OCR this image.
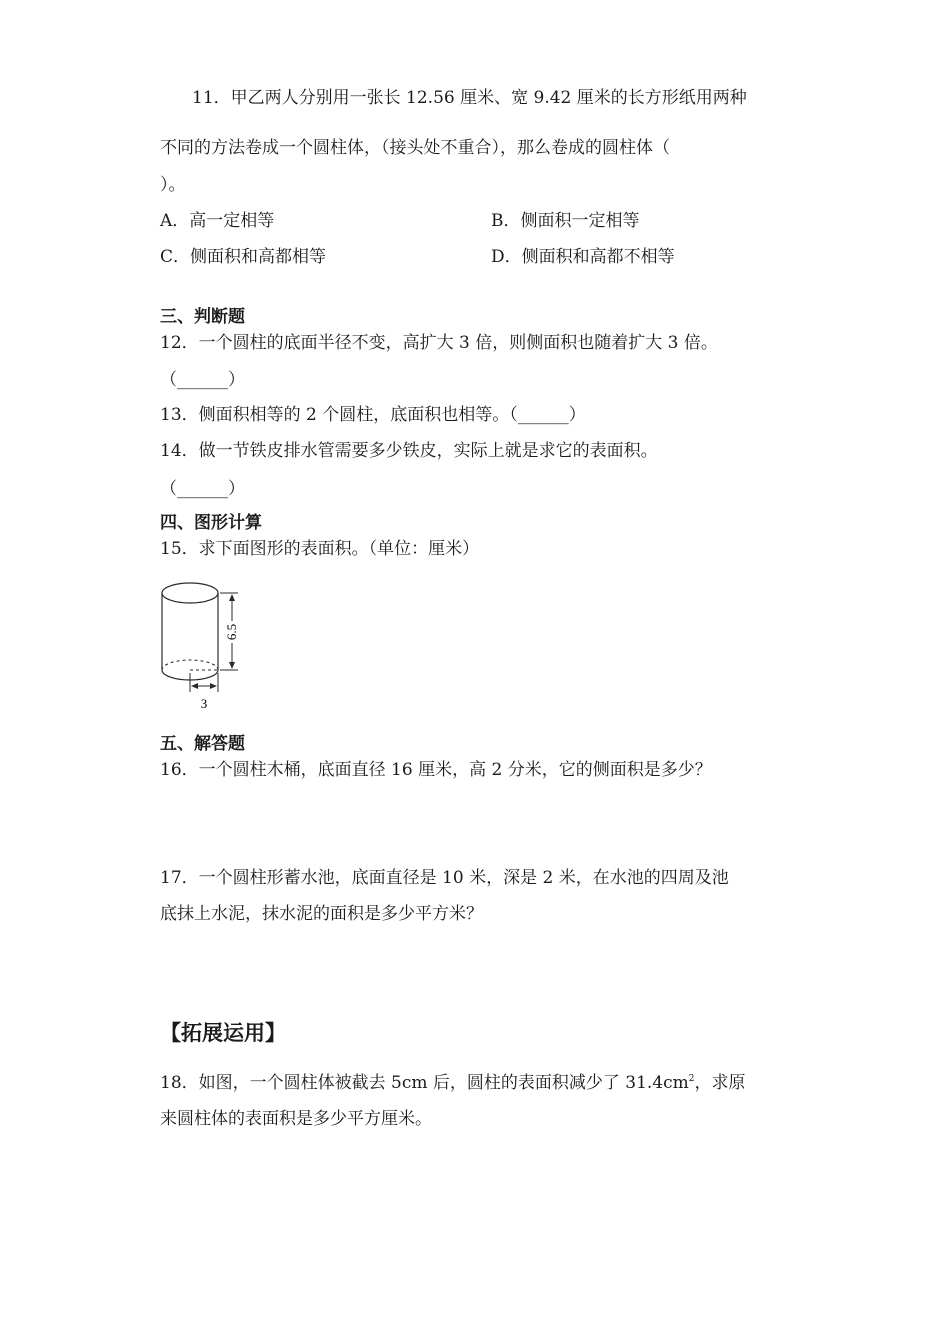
11．甲乙两人分别用一张长 12.56 厘米、宽 9.42 厘米的长方形纸用两种
不同的方法卷成一个圆柱体，（接头处不重合），那么卷成的圆柱体（
）。
A．高一定相等	B．侧面积一定相等
C．侧面积和高都相等	D．侧面积和高都不相等
三、判断题
12．一个圆柱的底面半径不变，高扩大 3 倍，则侧面积也随着扩大 3 倍。
（______）
13．侧面积相等的 2 个圆柱，底面积也相等。（______）
14．做一节铁皮排水管需要多少铁皮，实际上就是求它的表面积。
（______）
四、图形计算
15．求下面图形的表面积。（单位：厘米）
6.5
3
五、解答题
16．一个圆柱木桶，底面直径 16 厘米，高 2 分米，它的侧面积是多少？
17．一个圆柱形蓄水池，底面直径是 10 米，深是 2 米，在水池的四周及池
底抹上水泥，抹水泥的面积是多少平方米？
【拓展运用】
18．如图，一个圆柱体被截去 5cm 后，圆柱的表面积减少了 $31.4cm^2$，求原
来圆柱体的表面积是多少平方厘米。
